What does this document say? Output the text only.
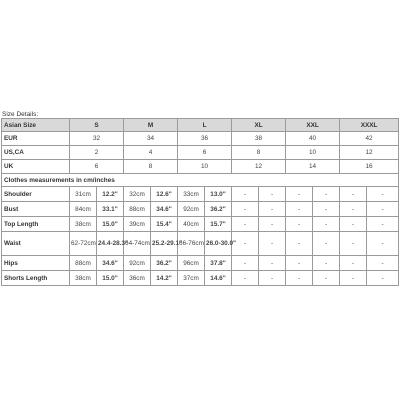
Size Details:
Asian Size	S		M		L		XL		XXL		XXXL	
EUR	32		34		36		38		40		42	
US,CA	2		4		6		8		10		12	
UK	6		8		10		12		14		16	
Clothes measurements in cm/inches												
Shoulder	31cm	12.2"	32cm	12.6"	33cm	13.0"	-	-	-	-	-	-
Bust	84cm	33.1"	88cm	34.6"	92cm	36.2"	-	-	-	-	-	-
Top Length	38cm	15.0"	39cm	15.4"	40cm	15.7"	-	-	-	-	-	-
Waist	62-72cm	24.4-28.3"	64-74cm	25.2-29.1"	66-76cm	26.0-30.0"	-	-	-	-	-	-
Hips	88cm	34.6"	92cm	36.2"	96cm	37.8"	-	-	-	-	-	-
Shorts Length	38cm	15.0"	36cm	14.2"	37cm	14.6"	-	-	-	-	-	-
